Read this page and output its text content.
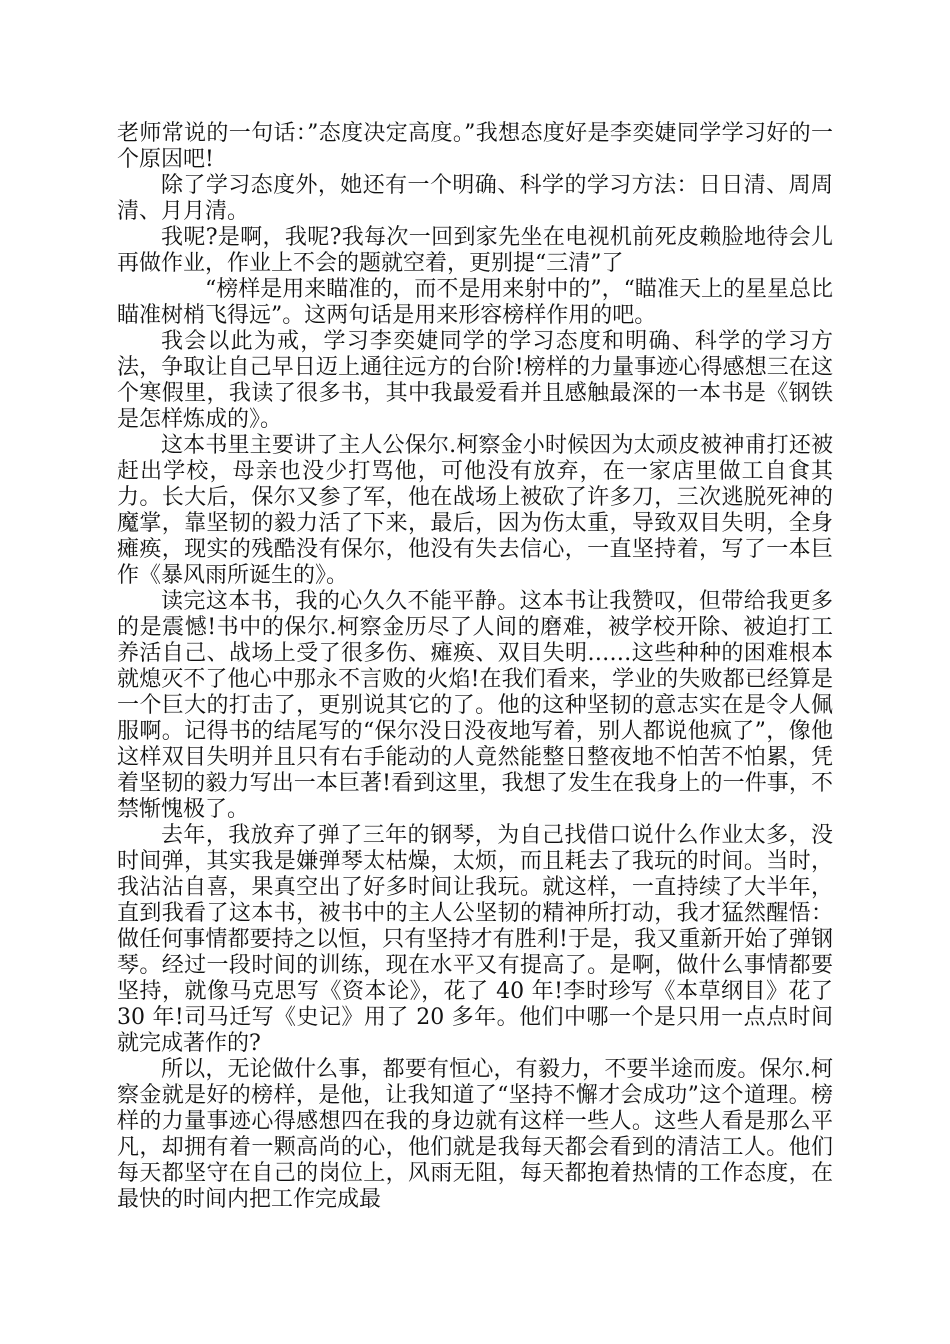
老师常说的一句话：”态度决定高度。”我想态度好是李奕婕同学学习好的一个原因吧!

除了学习态度外，她还有一个明确、科学的学习方法：日日清、周周清、月月清。

我呢?是啊，我呢?我每次一回到家先坐在电视机前死皮赖脸地待会儿再做作业，作业上不会的题就空着，更别提“三清”了

“榜样是用来瞄准的，而不是用来射中的”，“瞄准天上的星星总比瞄准树梢飞得远”。这两句话是用来形容榜样作用的吧。

我会以此为戒，学习李奕婕同学的学习态度和明确、科学的学习方法，争取让自己早日迈上通往远方的台阶!榜样的力量事迹心得感想三在这个寒假里，我读了很多书，其中我最爱看并且感触最深的一本书是《钢铁是怎样炼成的》。

这本书里主要讲了主人公保尔.柯察金小时候因为太顽皮被神甫打还被赶出学校，母亲也没少打骂他，可他没有放弃，在一家店里做工自食其力。长大后，保尔又参了军，他在战场上被砍了许多刀，三次逃脱死神的魔掌，靠坚韧的毅力活了下来，最后，因为伤太重，导致双目失明，全身瘫痪，现实的残酷没有保尔，他没有失去信心，一直坚持着，写了一本巨作《暴风雨所诞生的》。

读完这本书，我的心久久不能平静。这本书让我赞叹，但带给我更多的是震憾!书中的保尔.柯察金历尽了人间的磨难，被学校开除、被迫打工养活自己、战场上受了很多伤、瘫痪、双目失明……这些种种的困难根本就熄灭不了他心中那永不言败的火焰!在我们看来，学业的失败都已经算是一个巨大的打击了，更别说其它的了。他的这种坚韧的意志实在是令人佩服啊。记得书的结尾写的“保尔没日没夜地写着，别人都说他疯了”，像他这样双目失明并且只有右手能动的人竟然能整日整夜地不怕苦不怕累，凭着坚韧的毅力写出一本巨著!看到这里，我想了发生在我身上的一件事，不禁惭愧极了。

去年，我放弃了弹了三年的钢琴，为自己找借口说什么作业太多，没时间弹，其实我是嫌弹琴太枯燥，太烦，而且耗去了我玩的时间。当时，我沾沾自喜，果真空出了好多时间让我玩。就这样，一直持续了大半年，直到我看了这本书，被书中的主人公坚韧的精神所打动，我才猛然醒悟：做任何事情都要持之以恒，只有坚持才有胜利!于是，我又重新开始了弹钢琴。经过一段时间的训练，现在水平又有提高了。是啊，做什么事情都要坚持，就像马克思写《资本论》，花了 40 年!李时珍写《本草纲目》花了 30 年!司马迁写《史记》用了 20 多年。他们中哪一个是只用一点点时间就完成著作的?

所以，无论做什么事，都要有恒心，有毅力，不要半途而废。保尔.柯察金就是好的榜样，是他，让我知道了“坚持不懈才会成功”这个道理。榜样的力量事迹心得感想四在我的身边就有这样一些人。这些人看是那么平凡，却拥有着一颗高尚的心，他们就是我每天都会看到的清洁工人。他们每天都坚守在自己的岗位上，风雨无阻，每天都抱着热情的工作态度，在最快的时间内把工作完成最
